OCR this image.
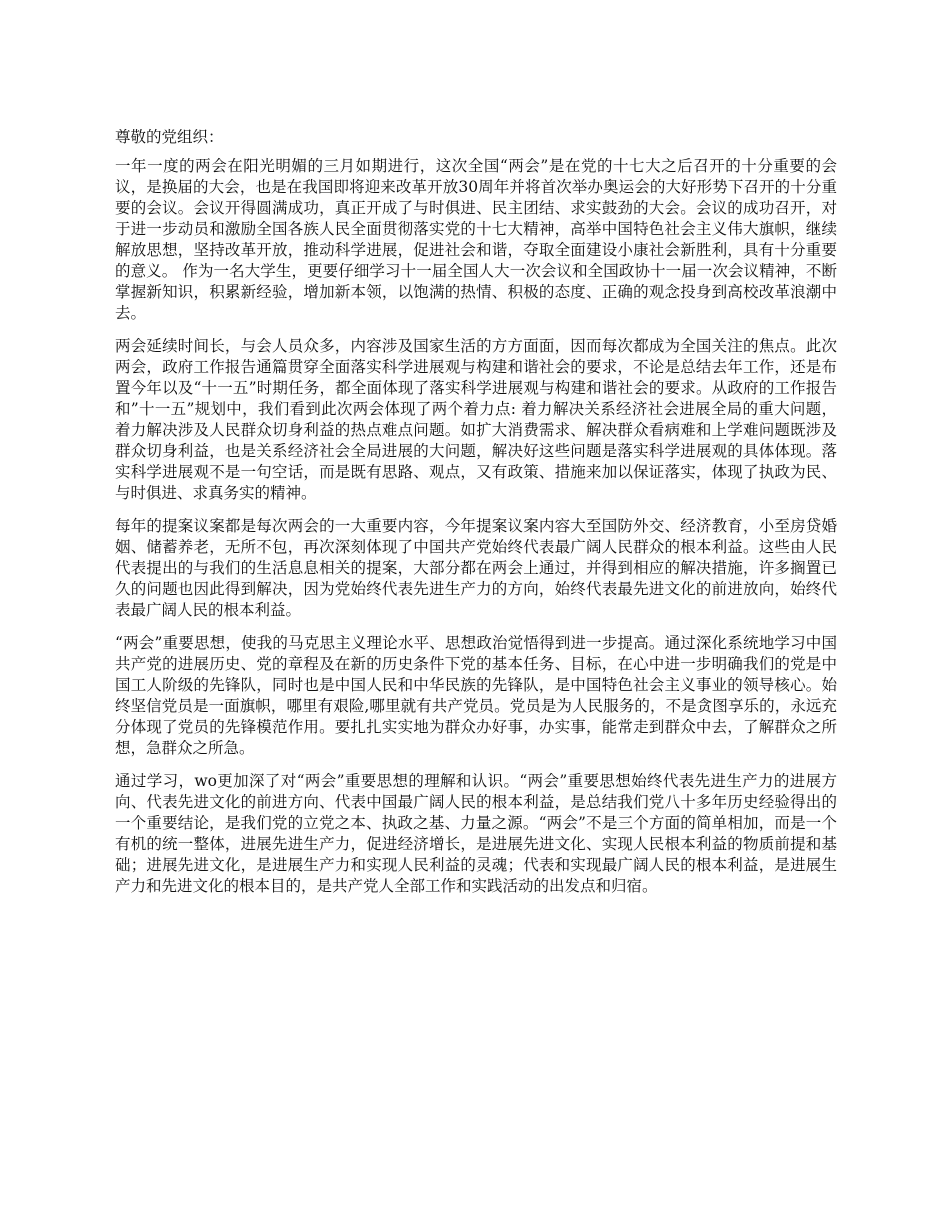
尊敬的党组织：

一年一度的两会在阳光明媚的三月如期进行，这次全国“两会”是在党的十七大之后召开的十分重要的会议，是换届的大会，也是在我国即将迎来改革开放30周年并将首次举办奥运会的大好形势下召开的十分重要的会议。会议开得圆满成功，真正开成了与时俱进、民主团结、求实鼓劲的大会。会议的成功召开，对于进一步动员和激励全国各族人民全面贯彻落实党的十七大精神，高举中国特色社会主义伟大旗帜，继续解放思想，坚持改革开放，推动科学进展，促进社会和谐，夺取全面建设小康社会新胜利，具有十分重要的意义。 作为一名大学生，更要仔细学习十一届全国人大一次会议和全国政协十一届一次会议精神，不断掌握新知识，积累新经验，增加新本领，以饱满的热情、积极的态度、正确的观念投身到高校改革浪潮中去。

两会延续时间长，与会人员众多，内容涉及国家生活的方方面面，因而每次都成为全国关注的焦点。此次两会，政府工作报告通篇贯穿全面落实科学进展观与构建和谐社会的要求，不论是总结去年工作，还是布置今年以及“十一五”时期任务，都全面体现了落实科学进展观与构建和谐社会的要求。从政府的工作报告和”十一五”规划中，我们看到此次两会体现了两个着力点: 着力解决关系经济社会进展全局的重大问题，着力解决涉及人民群众切身利益的热点难点问题。如扩大消费需求、解决群众看病难和上学难问题既涉及群众切身利益，也是关系经济社会全局进展的大问题，解决好这些问题是落实科学进展观的具体体现。落实科学进展观不是一句空话，而是既有思路、观点，又有政策、措施来加以保证落实，体现了执政为民、与时俱进、求真务实的精神。

每年的提案议案都是每次两会的一大重要内容，今年提案议案内容大至国防外交、经济教育，小至房贷婚姻、储蓄养老，无所不包，再次深刻体现了中国共产党始终代表最广阔人民群众的根本利益。这些由人民代表提出的与我们的生活息息相关的提案，大部分都在两会上通过，并得到相应的解决措施，许多搁置已久的问题也因此得到解决，因为党始终代表先进生产力的方向，始终代表最先进文化的前进放向，始终代表最广阔人民的根本利益。

“两会”重要思想，使我的马克思主义理论水平、思想政治觉悟得到进一步提高。通过深化系统地学习中国共产党的进展历史、党的章程及在新的历史条件下党的基本任务、目标，在心中进一步明确我们的党是中国工人阶级的先锋队，同时也是中国人民和中华民族的先锋队，是中国特色社会主义事业的领导核心。始终坚信党员是一面旗帜，哪里有艰险,哪里就有共产党员。党员是为人民服务的，不是贪图享乐的，永远充分体现了党员的先锋模范作用。要扎扎实实地为群众办好事，办实事，能常走到群众中去，了解群众之所想，急群众之所急。

通过学习，wo更加深了对“两会”重要思想的理解和认识。“两会”重要思想始终代表先进生产力的进展方向、代表先进文化的前进方向、代表中国最广阔人民的根本利益，是总结我们党八十多年历史经验得出的一个重要结论，是我们党的立党之本、执政之基、力量之源。“两会”不是三个方面的简单相加，而是一个有机的统一整体，进展先进生产力，促进经济增长，是进展先进文化、实现人民根本利益的物质前提和基础；进展先进文化，是进展生产力和实现人民利益的灵魂；代表和实现最广阔人民的根本利益，是进展生产力和先进文化的根本目的，是共产党人全部工作和实践活动的出发点和归宿。
